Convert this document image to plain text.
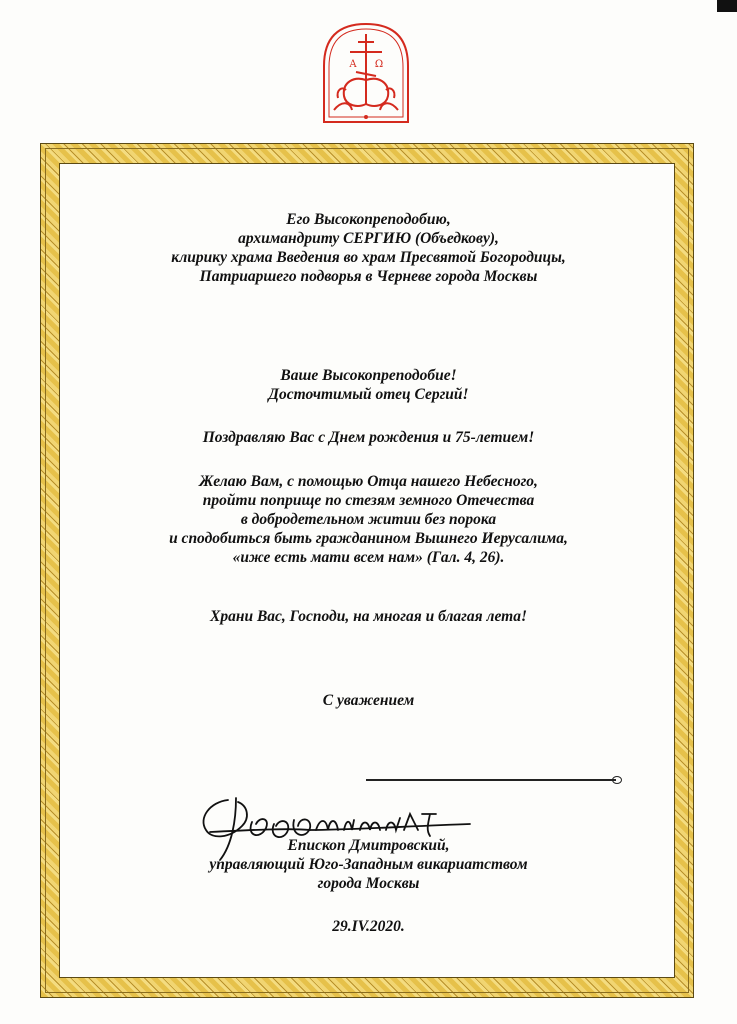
Α Ω
Его Высокопреподобию,
архимандриту СЕРГИЮ (Объедкову),
клирику храма Введения во храм Пресвятой Богородицы,
Патриаршего подворья в Черневе города Москвы
Ваше Высокопреподобие!
Досточтимый отец Сергий!
Поздравляю Вас с Днем рождения и 75-летием!
Желаю Вам, с помощью Отца нашего Небесного,
пройти поприще по стезям земного Отечества
в добродетельном житии без порока
и сподобиться быть гражданином Вышнего Иерусалима,
«иже есть мати всем нам» (Гал. 4, 26).
Храни Вас, Господи, на многая и благая лета!
С уважением
Епископ Дмитровский,
управляющий Юго-Западным викариатством
города Москвы
29.IV.2020.
